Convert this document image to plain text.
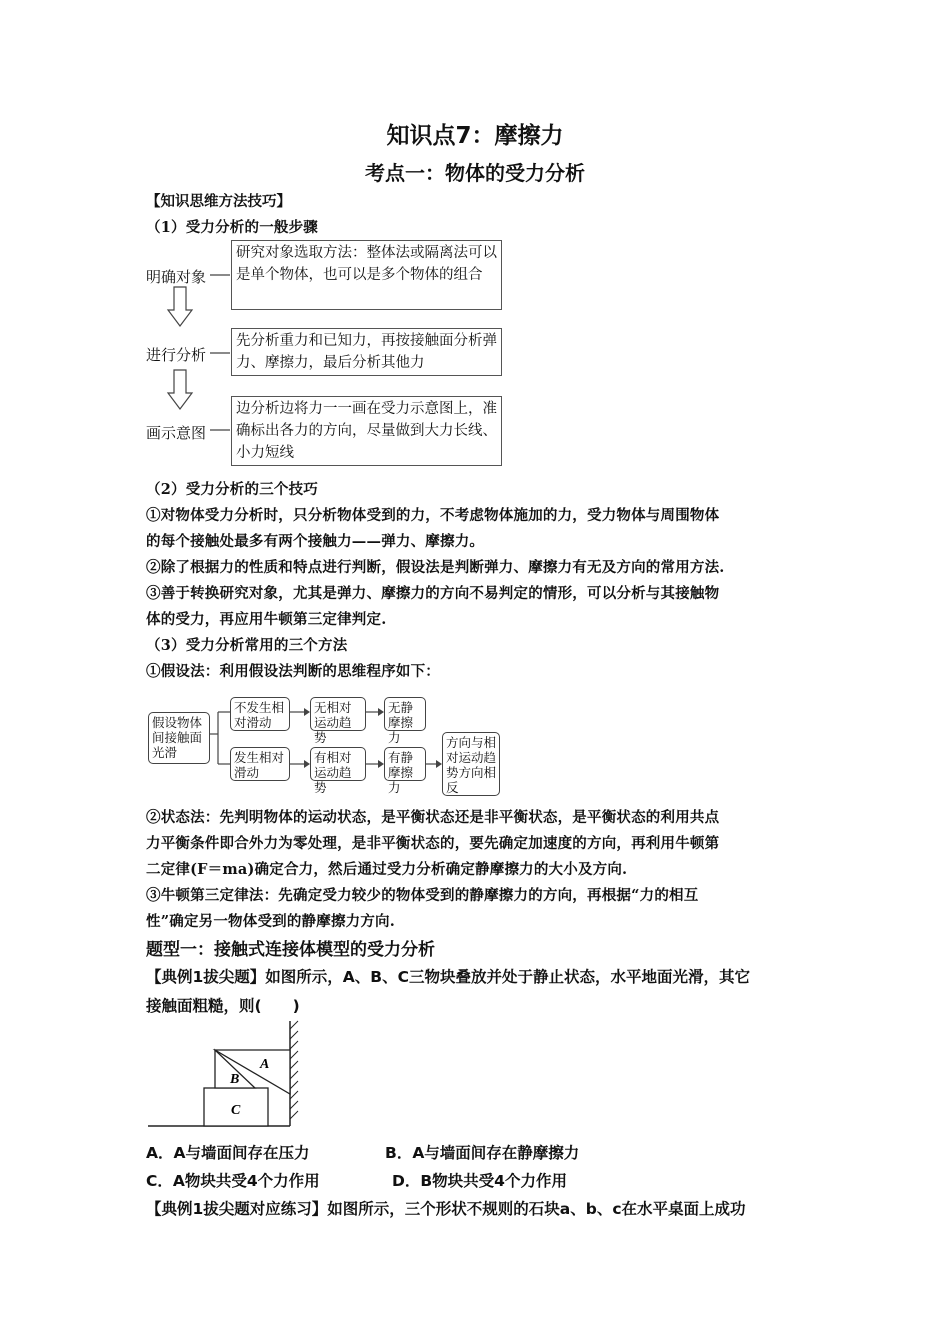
知识点7：摩擦力
考点一：物体的受力分析
【知识思维方法技巧】
（1）受力分析的一般步骤
明确对象
研究对象选取方法：整体法或隔离法可以是单个物体，也可以是多个物体的组合
进行分析
先分析重力和已知力，再按接触面分析弹力、摩擦力，最后分析其他力
画示意图
边分析边将力一一画在受力示意图上，准确标出各力的方向，尽量做到大力长线、小力短线
（2）受力分析的三个技巧
①对物体受力分析时，只分析物体受到的力，不考虑物体施加的力，受力物体与周围物体
的每个接触处最多有两个接触力——弹力、摩擦力。
②除了根据力的性质和特点进行判断，假设法是判断弹力、摩擦力有无及方向的常用方法.
③善于转换研究对象，尤其是弹力、摩擦力的方向不易判定的情形，可以分析与其接触物
体的受力，再应用牛顿第三定律判定.
（3）受力分析常用的三个方法
①假设法：利用假设法判断的思维程序如下：
假设物体间接触面光滑
不发生相对滑动
无相对运动趋势
无静摩擦力
发生相对滑动
有相对运动趋势
有静摩擦力
方向与相对运动趋势方向相反
②状态法：先判明物体的运动状态，是平衡状态还是非平衡状态，是平衡状态的利用共点
力平衡条件即合外力为零处理，是非平衡状态的，要先确定加速度的方向，再利用牛顿第
二定律(F＝ma)确定合力，然后通过受力分析确定静摩擦力的大小及方向.
③牛顿第三定律法：先确定受力较少的物体受到的静摩擦力的方向，再根据“力的相互
性”确定另一物体受到的静摩擦力方向.
题型一：接触式连接体模型的受力分析
【典例1拔尖题】如图所示，A、B、C三物块叠放并处于静止状态，水平地面光滑，其它
接触面粗糙，则(　　)
A
B
C
A．A与墙面间存在压力	B．A与墙面间存在静摩擦力
C．A物块共受4个力作用	D．B物块共受4个力作用
【典例1拔尖题对应练习】如图所示，三个形状不规则的石块a、b、c在水平桌面上成功
